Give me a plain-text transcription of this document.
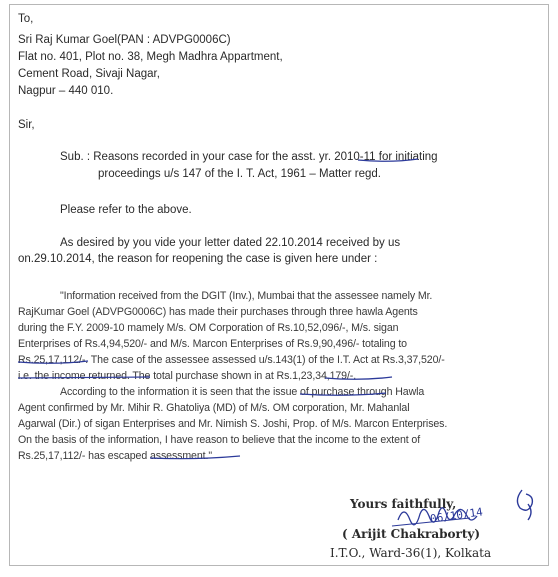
To,
Sri Raj Kumar Goel(PAN : ADVPG0006C)
Flat no. 401, Plot no. 38, Megh Madhra Appartment,
Cement Road, Sivaji Nagar,
Nagpur – 440 010.
Sir,
Sub. : Reasons recorded in your case for the asst. yr. 2010-11 for initiating
proceedings u/s 147 of the I. T. Act, 1961 – Matter regd.
Please refer to the above.
As desired by you vide your letter dated 22.10.2014 received by us
on.29.10.2014, the reason for reopening the case is given here under :
"Information received from the DGIT (Inv.), Mumbai that the assessee namely Mr.
RajKumar Goel (ADVPG0006C) has made their purchases through three hawla Agents
during the F.Y. 2009-10 mamely M/s. OM Corporation of Rs.10,52,096/-, M/s. sigan
Enterprises of Rs.4,94,520/- and M/s. Marcon Enterprises of Rs.9,90,496/- totaling to
Rs.25,17,112/-. The case of the assessee assessed u/s.143(1) of the I.T. Act at Rs.3,37,520/-
i.e. the income returned. The total purchase shown in at Rs.1,23,34,179/-.
According to the information it is seen that the issue of purchase through Hawla
Agent confirmed by Mr. Mihir R. Ghatoliya (MD) of M/s. OM corporation, Mr. Mahanlal
Agarwal (Dir.) of sigan Enterprises and Mr. Nimish S. Joshi, Prop. of M/s. Marcon Enterprises.
On the basis of the information, I have reason to believe that the income to the extent of
Rs.25,17,112/- has escaped assessment."
Yours faithfully,
( Arijit Chakraborty)
I.T.O., Ward-36(1), Kolkata
06/10/14
